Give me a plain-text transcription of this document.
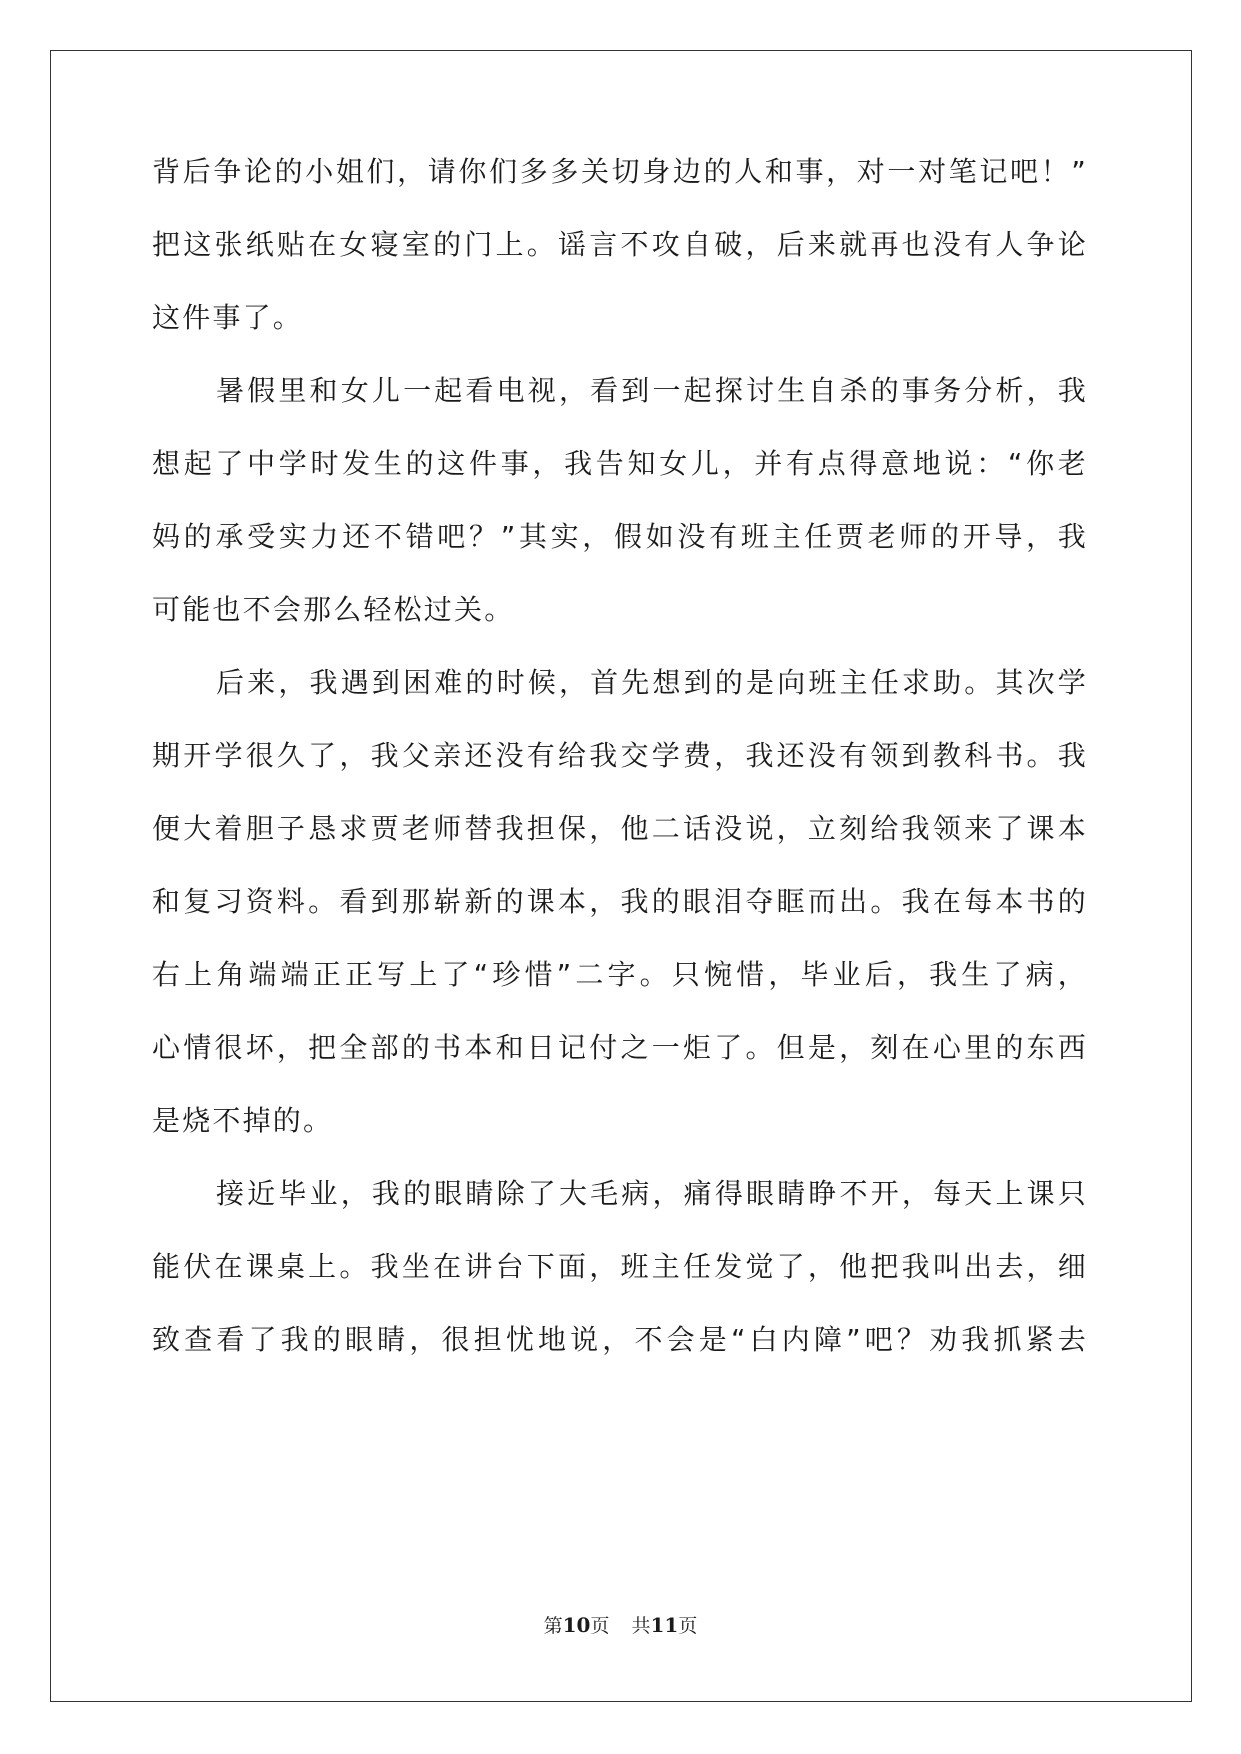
背后争论的小姐们，请你们多多关切身边的人和事，对一对笔记吧！”
把这张纸贴在女寝室的门上。谣言不攻自破，后来就再也没有人争论
这件事了。
暑假里和女儿一起看电视，看到一起探讨生自杀的事务分析，我
想起了中学时发生的这件事，我告知女儿，并有点得意地说：“你老
妈的承受实力还不错吧？”其实，假如没有班主任贾老师的开导，我
可能也不会那么轻松过关。
后来，我遇到困难的时候，首先想到的是向班主任求助。其次学
期开学很久了，我父亲还没有给我交学费，我还没有领到教科书。我
便大着胆子恳求贾老师替我担保，他二话没说，立刻给我领来了课本
和复习资料。看到那崭新的课本，我的眼泪夺眶而出。我在每本书的
右上角端端正正写上了“珍惜”二字。只惋惜，毕业后，我生了病，
心情很坏，把全部的书本和日记付之一炬了。但是，刻在心里的东西
是烧不掉的。
接近毕业，我的眼睛除了大毛病，痛得眼睛睁不开，每天上课只
能伏在课桌上。我坐在讲台下面，班主任发觉了，他把我叫出去，细
致查看了我的眼睛，很担忧地说，不会是“白内障”吧？劝我抓紧去
第10页 共11页
